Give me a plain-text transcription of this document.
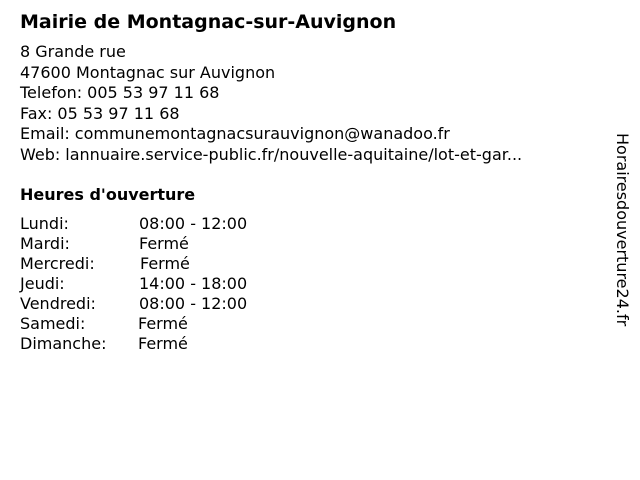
Mairie de Montagnac-sur-Auvignon
8 Grande rue
47600 Montagnac sur Auvignon
Telefon: 005 53 97 11 68
Fax: 05 53 97 11 68
Email: communemontagnacsurauvignon@wanadoo.fr
Web: lannuaire.service-public.fr/nouvelle-aquitaine/lot-et-gar...
Heures d'ouverture
Lundi:	08:00 - 12:00
Mardi:	Fermé
Mercredi:	Fermé
Jeudi:	14:00 - 18:00
Vendredi:	08:00 - 12:00
Samedi:	Fermé
Dimanche: Fermé
Horairesdouverture24.fr
